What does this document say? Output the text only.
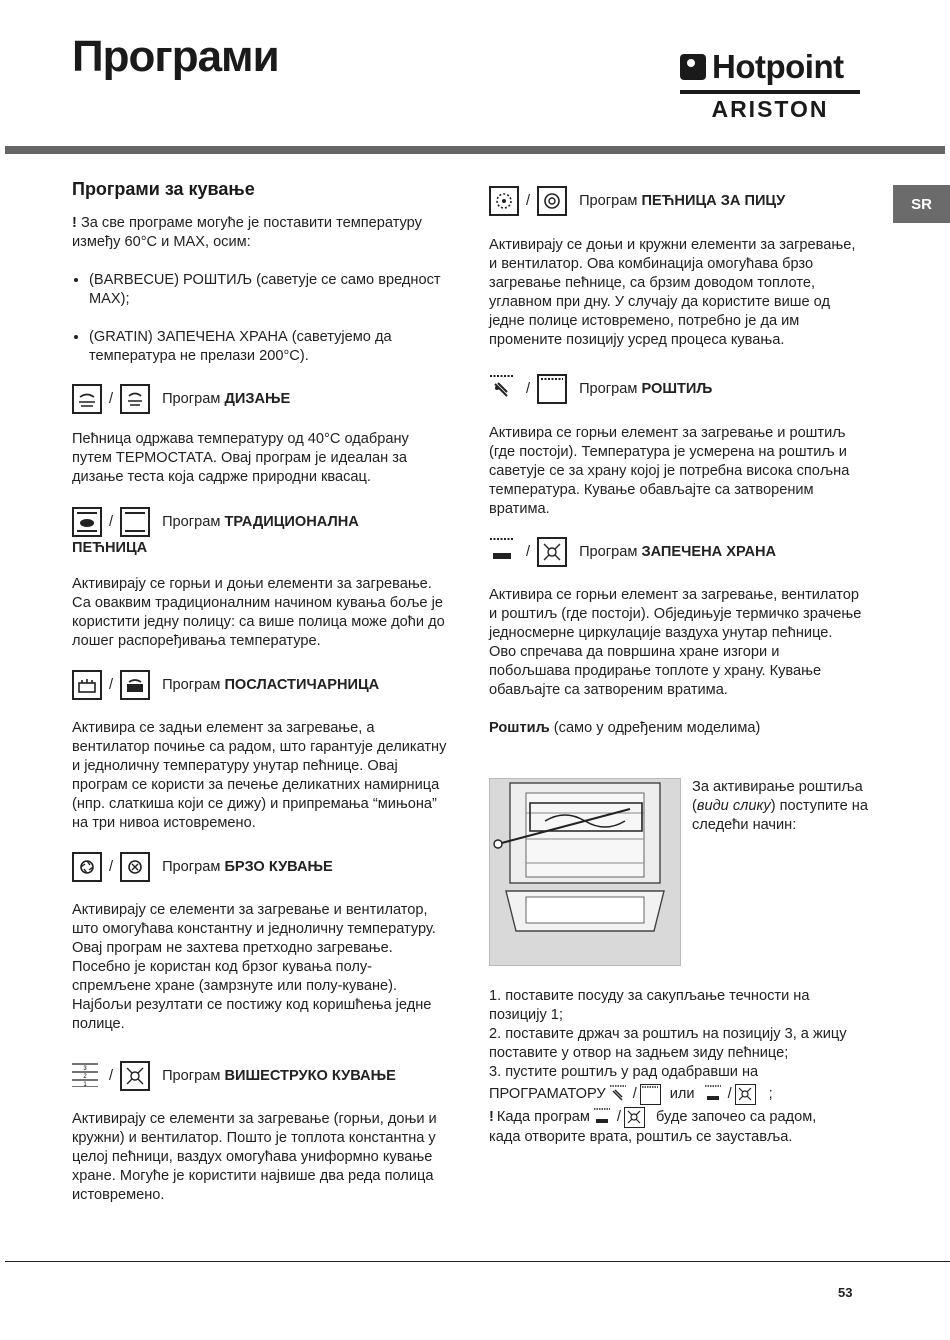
Програми	Hotpoint
ARISTON
SR
Програми за кување

! За све програме могуће је поставити температуру између 60°C и MAX, осим:

• (BARBECUE) РОШТИЉ (саветује се само вредност MAX);
• (GRATIN) ЗАПЕЧЕНА ХРАНА (саветујемо да температура не прелази 200°C).
/	Програм ДИЗАЊЕ

Пећница одржава температуру од 40°C одабрану путем ТЕРМОСТАТА. Овај програм је идеалан за дизање теста која садрже природни квасац.

/	Програм ТРАДИЦИОНАЛНА

ПЕЋНИЦА

Активирају се горњи и доњи елементи за загревање. Са оваквим традиционалним начином кувања боље је користити једну полицу: са више полица може доћи до лошег распоређивања температуре.

/	Програм ПОСЛАСТИЧАРНИЦА

Активира се задњи елемент за загревање, а вентилатор почиње са радом, што гарантује деликатну и једноличну температуру унутар пећнице. Овај програм се користи за печење деликатних намирница (нпр. слаткиша који се дижу) и припремања “мињона” на три нивоа истовремено.

/	Програм БРЗО КУВАЊЕ

Активирају се елементи за загревање и вентилатор, што омогућава константну и једноличну температуру. Овај програм не захтева претходно загревање. Посебно је користан код брзог кувања полу-спремљене хране (замрзнуте или полу-куване). Најбољи резултати се постижу код коришћења једне полице.

3
2
1
/	Програм ВИШЕСТРУКО КУВАЊЕ

Активирају се елементи за загревање (горњи, доњи и кружни) и вентилатор. Пошто је топлота константна у целој пећници, ваздух омогућава униформно кување хране. Могуће је користити највише два реда полица истовремено.

/	Програм ПЕЋНИЦА ЗА ПИЦУ

Активирају се доњи и кружни елементи за загревање, и вентилатор. Ова комбинација омогућава брзо загревање пећнице, са брзим доводом топлоте, углавном при дну. У случају да користите више од једне полице истовремено, потребно је да им промените позицију усред процеса кувања.

/	Програм РОШТИЉ

Активира се горњи елемент за загревање и роштиљ (где постоји). Температура је усмерена на роштиљ и саветује се за храну којој је потребна висока спољна температура. Кување обављајте са затвореним вратима.

/	Програм ЗАПЕЧЕНА ХРАНА

Активира се горњи елемент за загревање, вентилатор и роштиљ (где постоји). Обједињује термичко зрачење једносмерне циркулације ваздуха унутар пећнице.

Ово спречава да површина хране изгори и побољшава продирање топлоте у храну. Кување обављајте са затвореним вратима.

Роштиљ (само у одређеним моделима)

За активирање роштиља (види слику) поступите на следећи начин:

1. поставите посуду за сакупљање течности на позицију 1;

2. поставите држач за роштиљ на позицију 3, а жицу поставите у отвор на задњем зиду пећнице;

3. пустите роштиљ у рад одабравши на

ПРОГРАМАТОРУ / или /	;
! Када програм / буде започео са радом,

када отворите врата, роштиљ се зауставља.

53
